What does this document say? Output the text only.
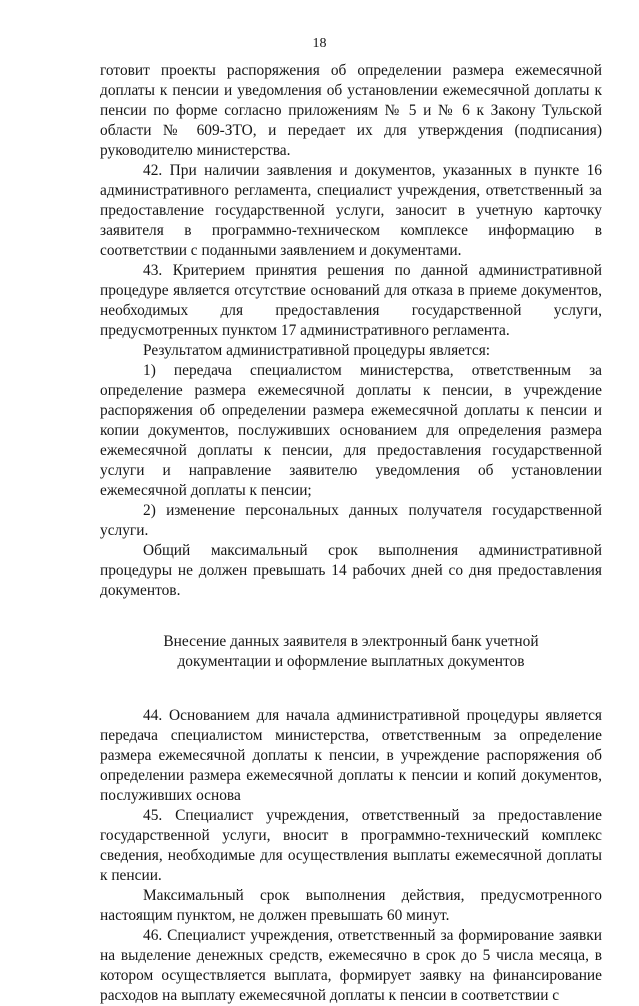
18

готовит проекты распоряжения об определении размера ежемесячной доплаты к пенсии и уведомления об установлении ежемесячной доплаты к пенсии по форме согласно приложениям № 5 и № 6 к Закону Тульской области № 609-ЗТО, и передает их для утверждения (подписания) руководителю министерства.

42. При наличии заявления и документов, указанных в пункте 16 административного регламента, специалист учреждения, ответственный за предоставление государственной услуги, заносит в учетную карточку заявителя в программно-техническом комплексе информацию в соответствии с поданными заявлением и документами.

43. Критерием принятия решения по данной административной процедуре является отсутствие оснований для отказа в приеме документов, необходимых для предоставления государственной услуги, предусмотренных пунктом 17 административного регламента.

Результатом административной процедуры является:

1) передача специалистом министерства, ответственным за определение размера ежемесячной доплаты к пенсии, в учреждение распоряжения об определении размера ежемесячной доплаты к пенсии и копии документов, послуживших основанием для определения размера ежемесячной доплаты к пенсии, для предоставления государственной услуги и направление заявителю уведомления об установлении ежемесячной доплаты к пенсии;

2) изменение персональных данных получателя государственной услуги.

Общий максимальный срок выполнения административной процедуры не должен превышать 14 рабочих дней со дня предоставления документов.

Внесение данных заявителя в электронный банк учетной документации и оформление выплатных документов

44. Основанием для начала административной процедуры является передача специалистом министерства, ответственным за определение размера ежемесячной доплаты к пенсии, в учреждение распоряжения об определении размера ежемесячной доплаты к пенсии и копий документов, послуживших основа

45. Специалист учреждения, ответственный за предоставление государственной услуги, вносит в программно-технический комплекс сведения, необходимые для осуществления выплаты ежемесячной доплаты к пенсии.

Максимальный срок выполнения действия, предусмотренного настоящим пунктом, не должен превышать 60 минут.

46. Специалист учреждения, ответственный за формирование заявки на выделение денежных средств, ежемесячно в срок до 5 числа месяца, в котором осуществляется выплата, формирует заявку на финансирование расходов на выплату ежемесячной доплаты к пенсии в соответствии с
